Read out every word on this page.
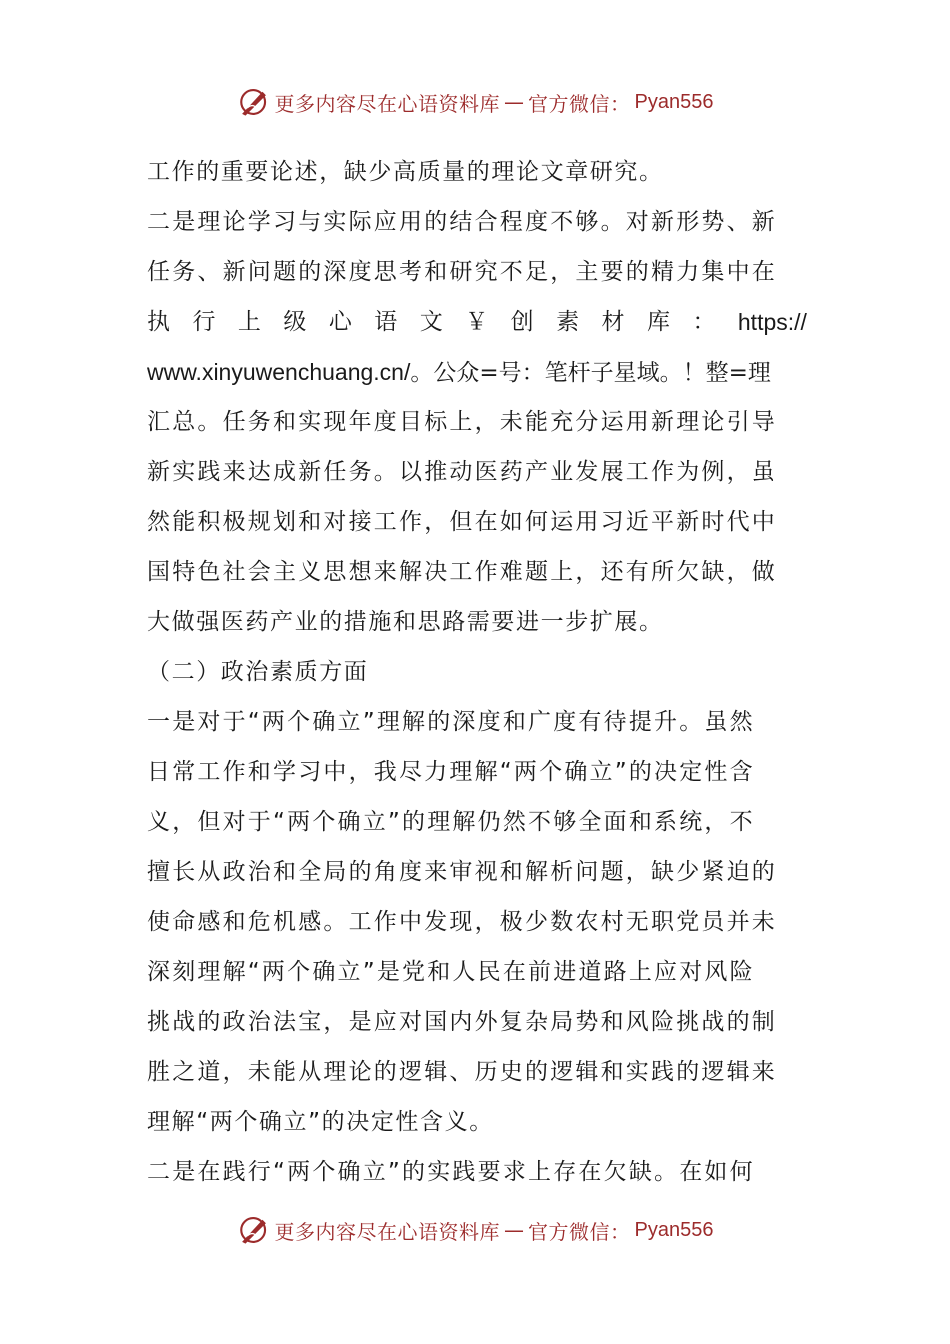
更多内容尽在心语资料库 — 官方微信： Pyan556
工作的重要论述，缺少高质量的理论文章研究。
二是理论学习与实际应用的结合程度不够。对新形势、新
任务、新问题的深度思考和研究不足，主要的精力集中在
执 行 上 级 心 语 文 ￥ 创 素 材 库 ： https://
www.xinyuwenchuang.cn/。公众=号：笔杆子星域。！整=理
汇总。任务和实现年度目标上，未能充分运用新理论引导
新实践来达成新任务。以推动医药产业发展工作为例，虽
然能积极规划和对接工作，但在如何运用习近平新时代中
国特色社会主义思想来解决工作难题上，还有所欠缺，做
大做强医药产业的措施和思路需要进一步扩展。
（二）政治素质方面
一是对于“两个确立”理解的深度和广度有待提升。虽然
日常工作和学习中，我尽力理解“两个确立”的决定性含
义，但对于“两个确立”的理解仍然不够全面和系统，不
擅长从政治和全局的角度来审视和解析问题，缺少紧迫的
使命感和危机感。工作中发现，极少数农村无职党员并未
深刻理解“两个确立”是党和人民在前进道路上应对风险
挑战的政治法宝，是应对国内外复杂局势和风险挑战的制
胜之道，未能从理论的逻辑、历史的逻辑和实践的逻辑来
理解“两个确立”的决定性含义。
二是在践行“两个确立”的实践要求上存在欠缺。在如何
更多内容尽在心语资料库 — 官方微信： Pyan556
